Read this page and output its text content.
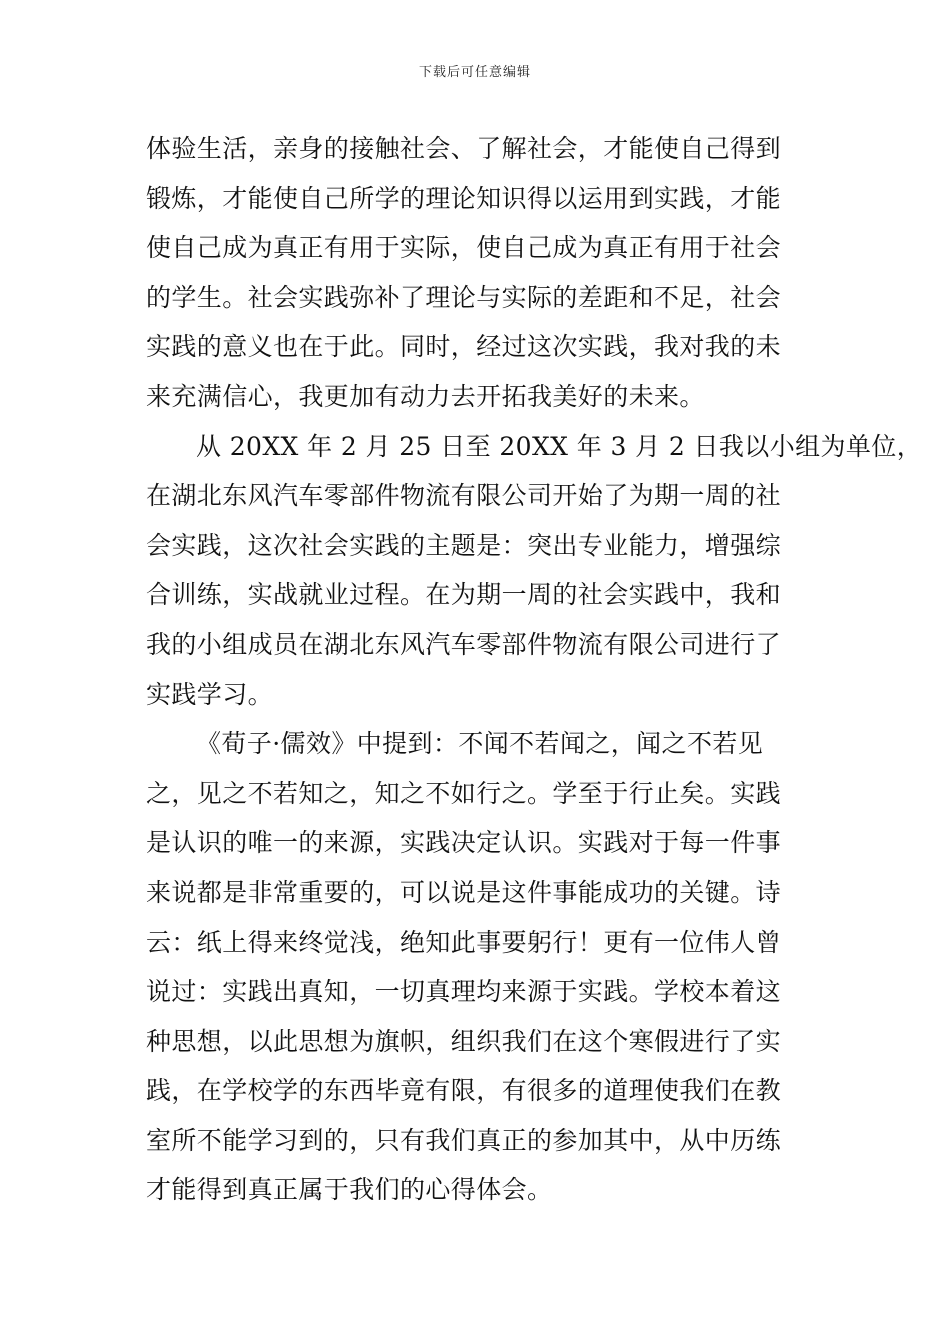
下载后可任意编辑
体验生活，亲身的接触社会、了解社会，才能使自己得到
锻炼，才能使自己所学的理论知识得以运用到实践，才能
使自己成为真正有用于实际，使自己成为真正有用于社会
的学生。社会实践弥补了理论与实际的差距和不足，社会
实践的意义也在于此。同时，经过这次实践，我对我的未
来充满信心，我更加有动力去开拓我美好的未来。
从 20XX 年 2 月 25 日至 20XX 年 3 月 2 日我以小组为单位，
在湖北东风汽车零部件物流有限公司开始了为期一周的社
会实践，这次社会实践的主题是：突出专业能力，增强综
合训练，实战就业过程。在为期一周的社会实践中，我和
我的小组成员在湖北东风汽车零部件物流有限公司进行了
实践学习。
《荀子·儒效》中提到：不闻不若闻之，闻之不若见
之，见之不若知之，知之不如行之。学至于行止矣。实践
是认识的唯一的来源，实践决定认识。实践对于每一件事
来说都是非常重要的，可以说是这件事能成功的关键。诗
云：纸上得来终觉浅，绝知此事要躬行！更有一位伟人曾
说过：实践出真知，一切真理均来源于实践。学校本着这
种思想，以此思想为旗帜，组织我们在这个寒假进行了实
践，在学校学的东西毕竟有限，有很多的道理使我们在教
室所不能学习到的，只有我们真正的参加其中，从中历练
才能得到真正属于我们的心得体会。
